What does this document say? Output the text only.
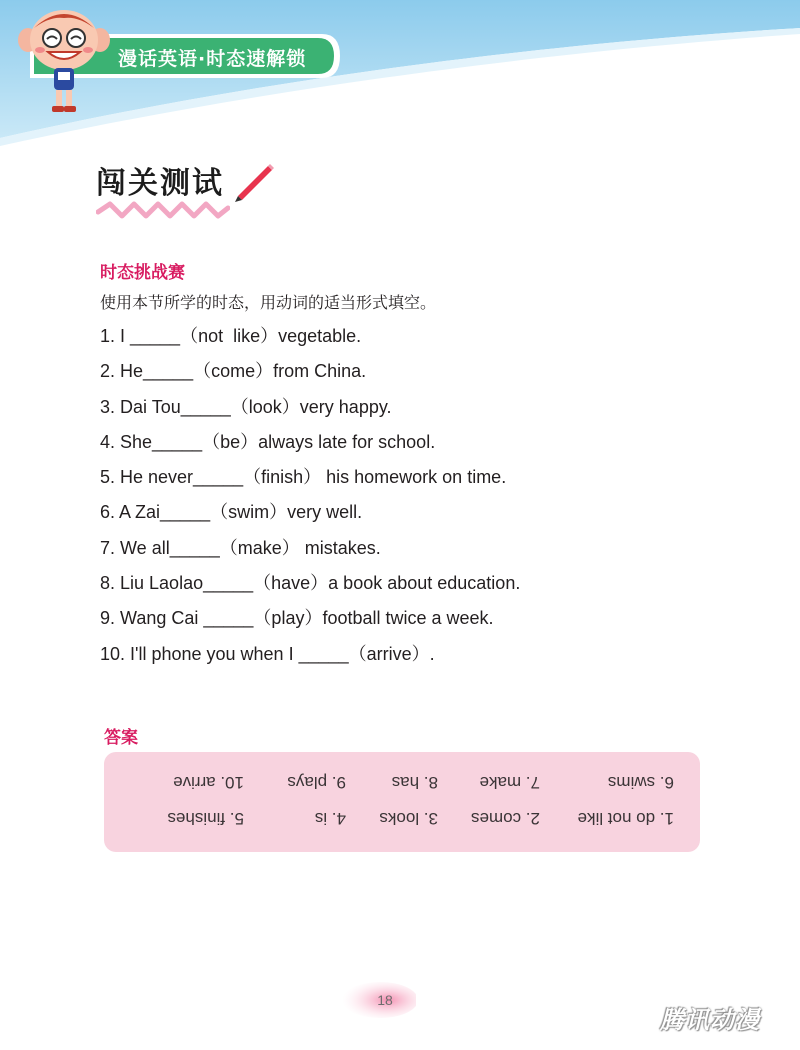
漫话英语·时态速解锁
闯关测试
时态挑战赛
使用本节所学的时态，用动词的适当形式填空。
1. I _____（not  like）vegetable.
2. He_____（come）from China.
3. Dai Tou_____（look）very happy.
4. She_____（be）always late for school.
5. He never_____（finish） his homework on time.
6. A Zai_____（swim）very well.
7. We all_____（make） mistakes.
8. Liu Laolao_____（have）a book about education.
9. Wang Cai _____（play）football twice a week.
10. I'll phone you when I _____（arrive）.
答案
1. do not like
2. comes
3. looks
4. is
5. finishes
6. swims
7. make
8. has
9. plays
10. arrive
18
腾讯动漫
